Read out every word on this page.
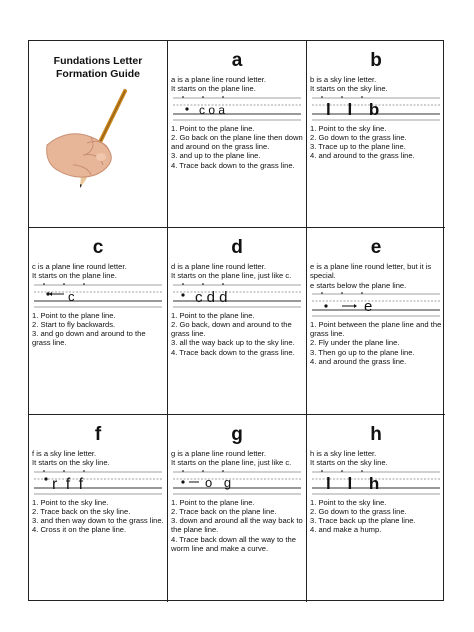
Fundations Letter Formation Guide
a
a is a plane line round letter.
It starts on the plane line.
c o a
1. Point to the plane line.
2. Go back on the plane line then down and around on the grass line.
3. and up to the plane line.
4. Trace back down to the grass line.
b
b is a sky line letter.
It starts on the sky line.
l l b
1. Point to the sky line.
2. Go down to the grass line.
3. Trace up to the plane line.
4. and around to the grass line.
c
c is a plane line round letter.
It starts on the plane line.
c
1. Point to the plane line.
2. Start to fly backwards.
3. and go down and around to the grass line.
d
d is a plane line round letter.
It starts on the plane line, just like c.
c d d
1. Point to the plane line.
2. Go back, down and around to the grass line.
3. all the way back up to the sky line.
4. Trace back down to the grass line.
e
e is a plane line round letter, but it is special.
e starts below the plane line.
e
1. Point between the plane line and the grass line.
2. Fly under the plane line.
3. Then go up to the plane line.
4. and around the grass line.
f
f is a sky line letter.
It starts on the sky line.
r f f
1. Point to the sky line.
2. Trace back on the sky line.
3. and then way down to the grass line.
4. Cross it on the plane line.
g
g is a plane line round letter.
It starts on the plane line, just like c.
o g
1. Point to the plane line.
2. Trace back on the plane line.
3. down and around all the way back to the plane line.
4. Trace back down all the way to the worm line and make a curve.
h
h is a sky line letter.
It starts on the sky line.
l l h
1. Point to the sky line.
2. Go down to the grass line.
3. Trace back up the plane line.
4. and make a hump.
